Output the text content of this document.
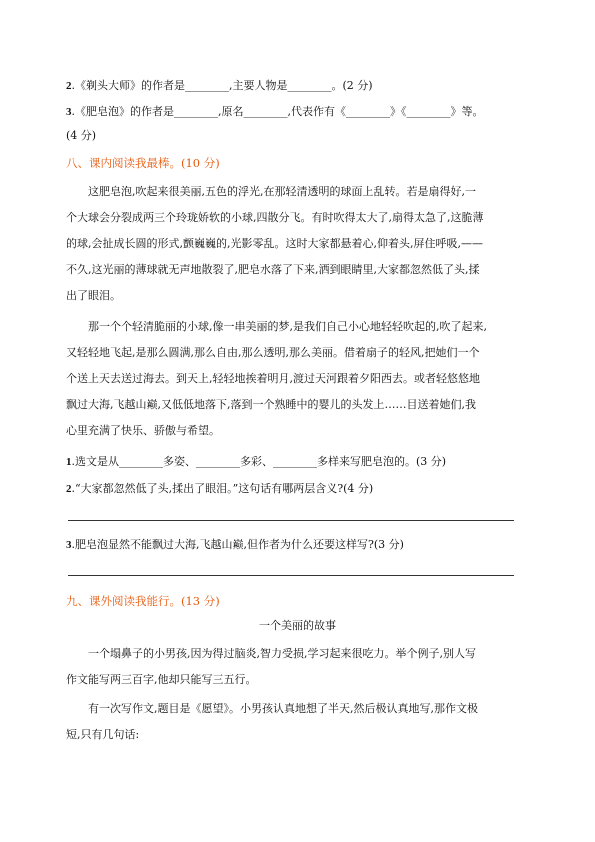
2.《剃头大师》的作者是________,主要人物是________。(2 分)
3.《肥皂泡》的作者是________,原名________,代表作有《________》《________》等。
(4 分)
八、课内阅读我最棒。(10 分)
这肥皂泡,吹起来很美丽,五色的浮光,在那轻清透明的球面上乱转。若是扇得好,一
个大球会分裂成两三个玲珑娇软的小球,四散分飞。有时吹得太大了,扇得太急了,这脆薄
的球,会扯成长圆的形式,颤巍巍的,光影零乱。这时大家都悬着心,仰着头,屏住呼吸,——
不久,这光丽的薄球就无声地散裂了,肥皂水落了下来,洒到眼睛里,大家都忽然低了头,揉
出了眼泪。
那一个个轻清脆丽的小球,像一串美丽的梦,是我们自己小心地轻轻吹起的,吹了起来,
又轻轻地飞起,是那么圆满,那么自由,那么透明,那么美丽。借着扇子的轻风,把她们一个
个送上天去送过海去。到天上,轻轻地挨着明月,渡过天河跟着夕阳西去。或者轻悠悠地
飘过大海,飞越山巅,又低低地落下,落到一个熟睡中的婴儿的头发上……目送着她们,我
心里充满了快乐、骄傲与希望。
1.选文是从________多姿、________多彩、________多样来写肥皂泡的。(3 分)
2.“大家都忽然低了头,揉出了眼泪。”这句话有哪两层含义?(4 分)
3.肥皂泡显然不能飘过大海,飞越山巅,但作者为什么还要这样写?(3 分)
九、课外阅读我能行。(13 分)
一个美丽的故事
一个塌鼻子的小男孩,因为得过脑炎,智力受损,学习起来很吃力。举个例子,别人写
作文能写两三百字,他却只能写三五行。
有一次写作文,题目是《愿望》。小男孩认真地想了半天,然后极认真地写,那作文极
短,只有几句话:
